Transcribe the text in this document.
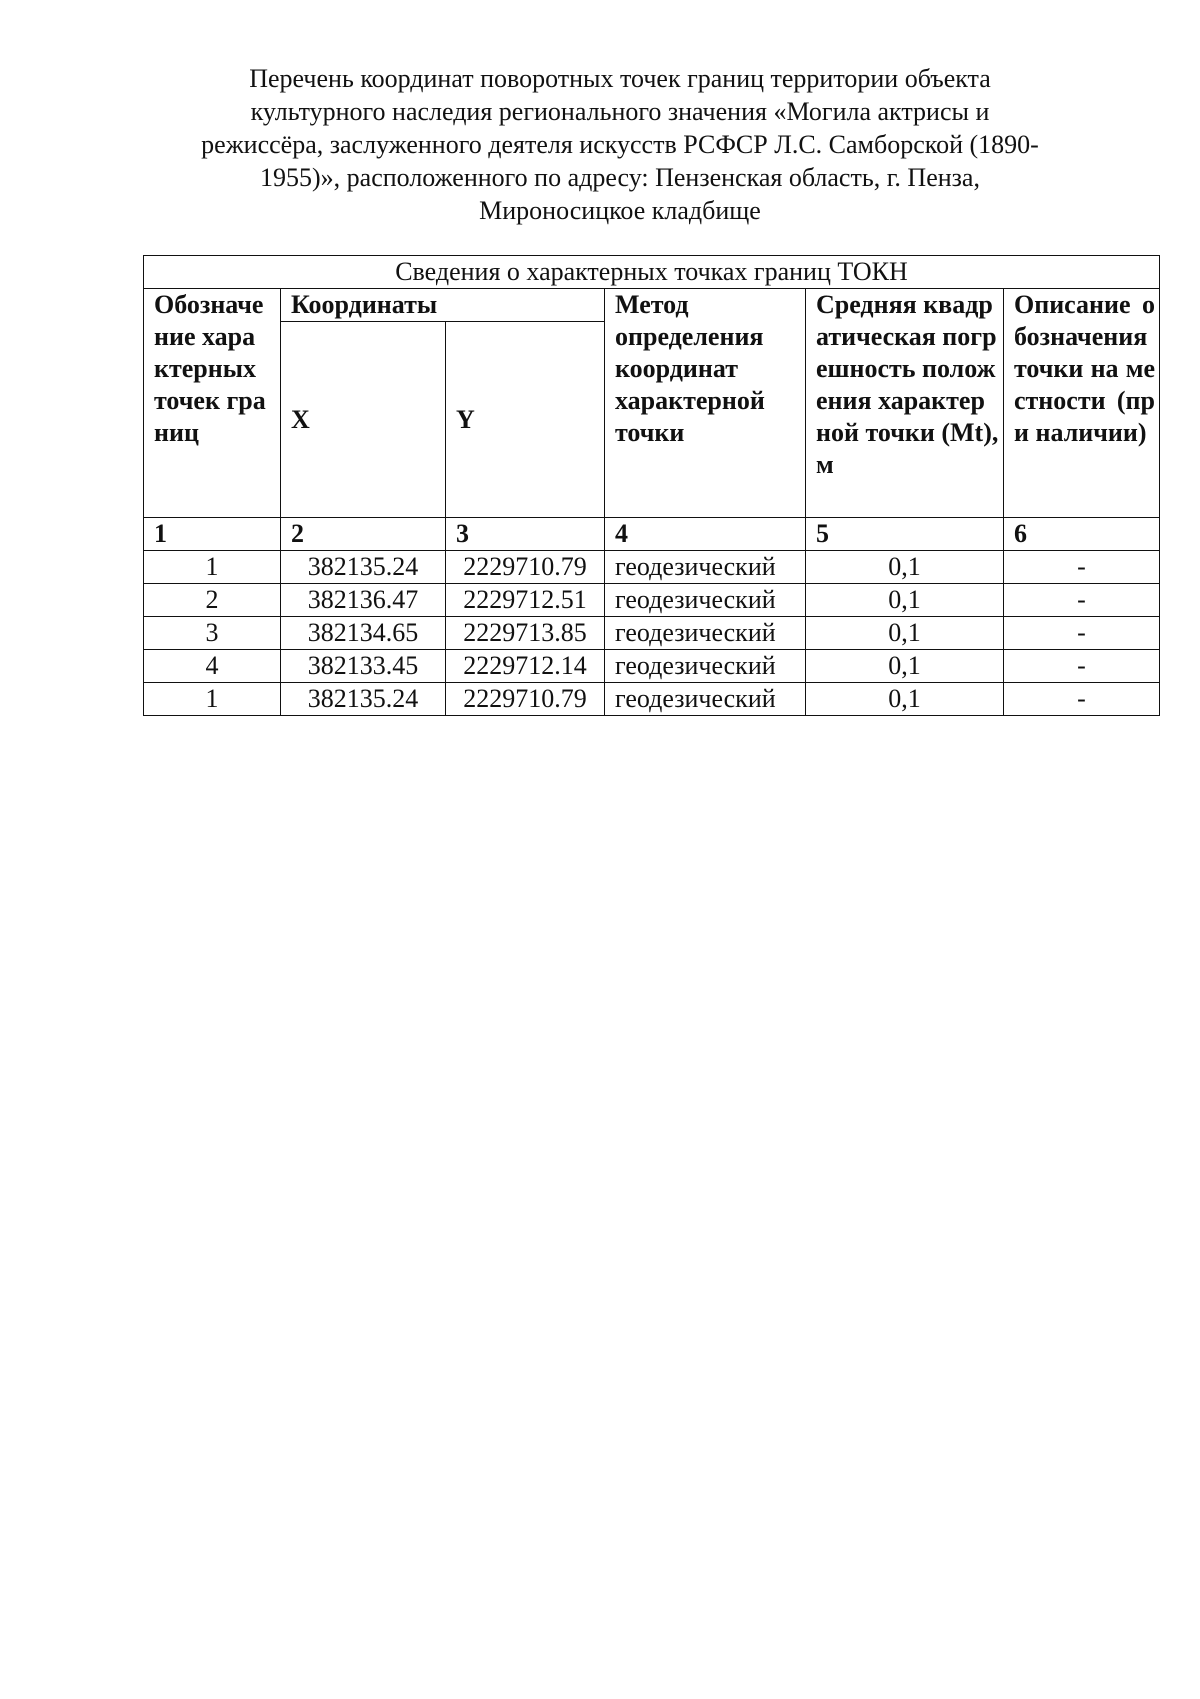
Перечень координат поворотных точек границ территории объекта
культурного наследия регионального значения «Могила актрисы и
режиссёра, заслуженного деятеля искусств РСФСР Л.С. Самборской (1890-
1955)», расположенного по адресу: Пензенская область, г. Пенза,
Мироносицкое кладбище
Сведения о характерных точках границ ТОКН					
Обозначение характерных точек границ	Координаты		Метод определения координат характерной точки	Средняя квадратическая погрешность положения характерной точки (Mt),м	Описание обозначения точки на местности (при наличии)
	X	Y			
1	2	3	4	5	6
1	382135.24	2229710.79	геодезический	0,1	-
2	382136.47	2229712.51	геодезический	0,1	-
3	382134.65	2229713.85	геодезический	0,1	-
4	382133.45	2229712.14	геодезический	0,1	-
1	382135.24	2229710.79	геодезический	0,1	-
